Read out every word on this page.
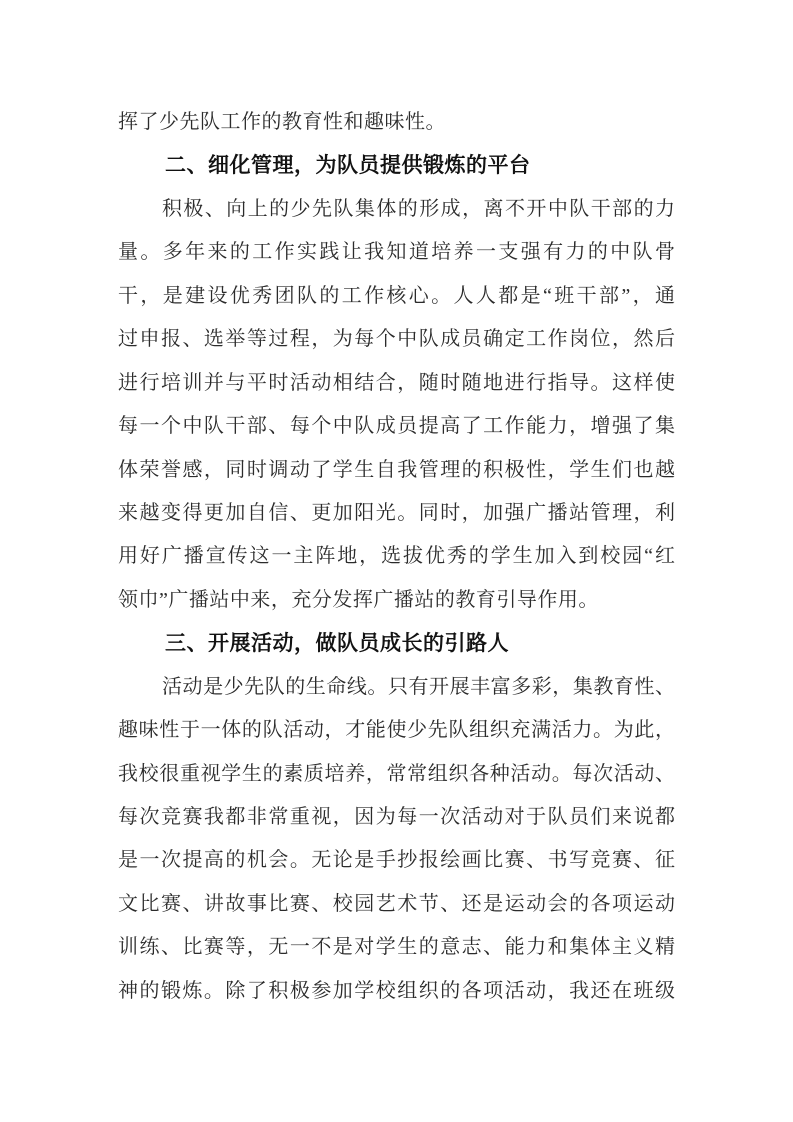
挥了少先队工作的教育性和趣味性。
二、细化管理，为队员提供锻炼的平台
积极、向上的少先队集体的形成，离不开中队干部的力
量。多年来的工作实践让我知道培养一支强有力的中队骨
干，是建设优秀团队的工作核心。人人都是“班干部”，通
过申报、选举等过程，为每个中队成员确定工作岗位，然后
进行培训并与平时活动相结合，随时随地进行指导。这样使
每一个中队干部、每个中队成员提高了工作能力，增强了集
体荣誉感，同时调动了学生自我管理的积极性，学生们也越
来越变得更加自信、更加阳光。同时，加强广播站管理，利
用好广播宣传这一主阵地，选拔优秀的学生加入到校园“红
领巾”广播站中来，充分发挥广播站的教育引导作用。
三、开展活动，做队员成长的引路人
活动是少先队的生命线。只有开展丰富多彩，集教育性、
趣味性于一体的队活动，才能使少先队组织充满活力。为此，
我校很重视学生的素质培养，常常组织各种活动。每次活动、
每次竞赛我都非常重视，因为每一次活动对于队员们来说都
是一次提高的机会。无论是手抄报绘画比赛、书写竞赛、征
文比赛、讲故事比赛、校园艺术节、还是运动会的各项运动
训练、比赛等，无一不是对学生的意志、能力和集体主义精
神的锻炼。除了积极参加学校组织的各项活动，我还在班级
